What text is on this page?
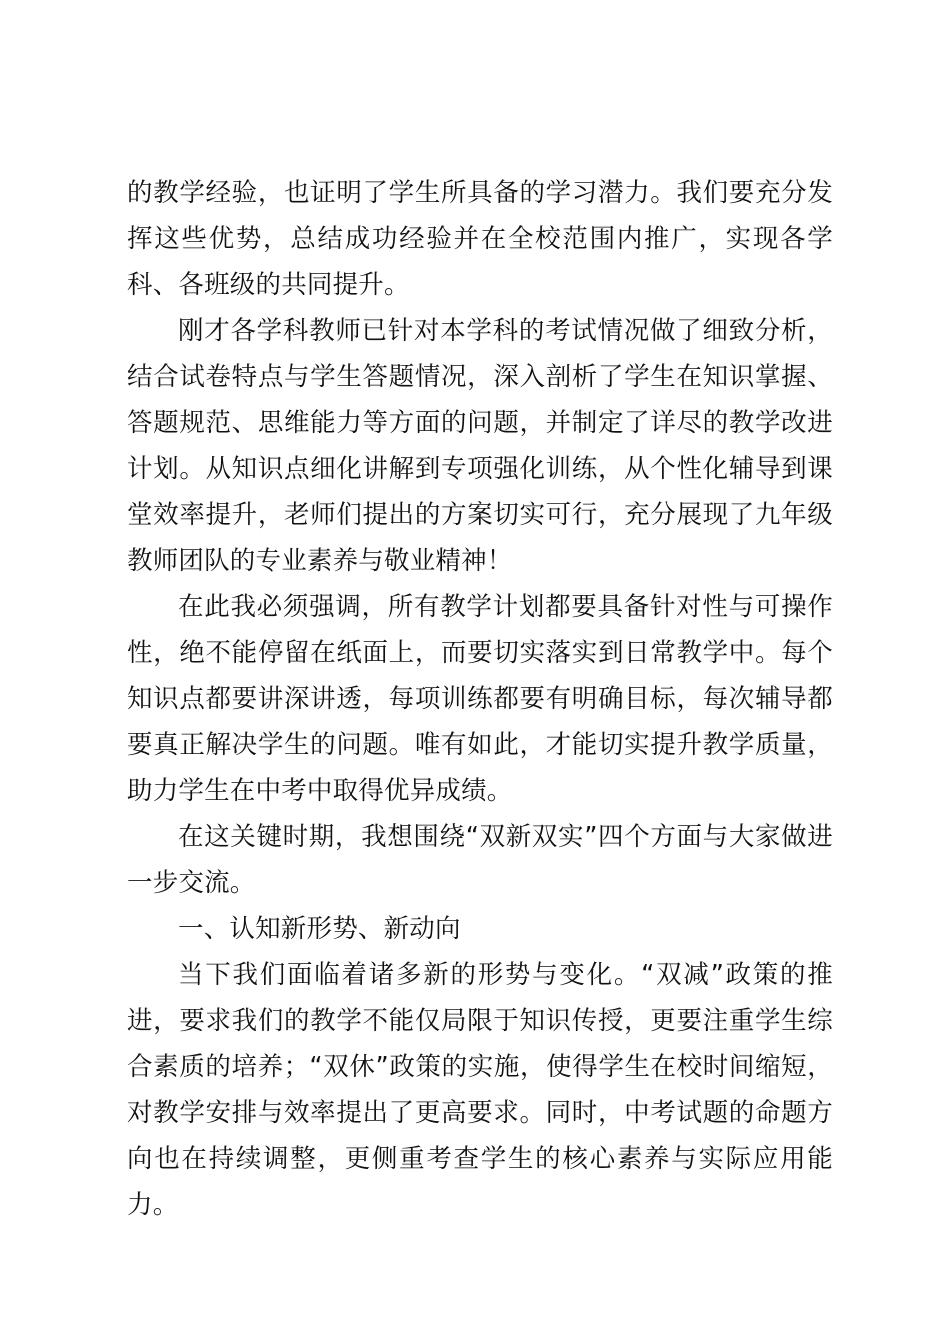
的教学经验，也证明了学生所具备的学习潜力。我们要充分发挥这些优势，总结成功经验并在全校范围内推广，实现各学科、各班级的共同提升。

刚才各学科教师已针对本学科的考试情况做了细致分析，结合试卷特点与学生答题情况，深入剖析了学生在知识掌握、答题规范、思维能力等方面的问题，并制定了详尽的教学改进计划。从知识点细化讲解到专项强化训练，从个性化辅导到课堂效率提升，老师们提出的方案切实可行，充分展现了九年级教师团队的专业素养与敬业精神！

在此我必须强调，所有教学计划都要具备针对性与可操作性，绝不能停留在纸面上，而要切实落实到日常教学中。每个知识点都要讲深讲透，每项训练都要有明确目标，每次辅导都要真正解决学生的问题。唯有如此，才能切实提升教学质量，助力学生在中考中取得优异成绩。

在这关键时期，我想围绕“双新双实”四个方面与大家做进一步交流。

一、认知新形势、新动向

当下我们面临着诸多新的形势与变化。“双减”政策的推进，要求我们的教学不能仅局限于知识传授，更要注重学生综合素质的培养；“双休”政策的实施，使得学生在校时间缩短，对教学安排与效率提出了更高要求。同时，中考试题的命题方向也在持续调整，更侧重考查学生的核心素养与实际应用能力。
